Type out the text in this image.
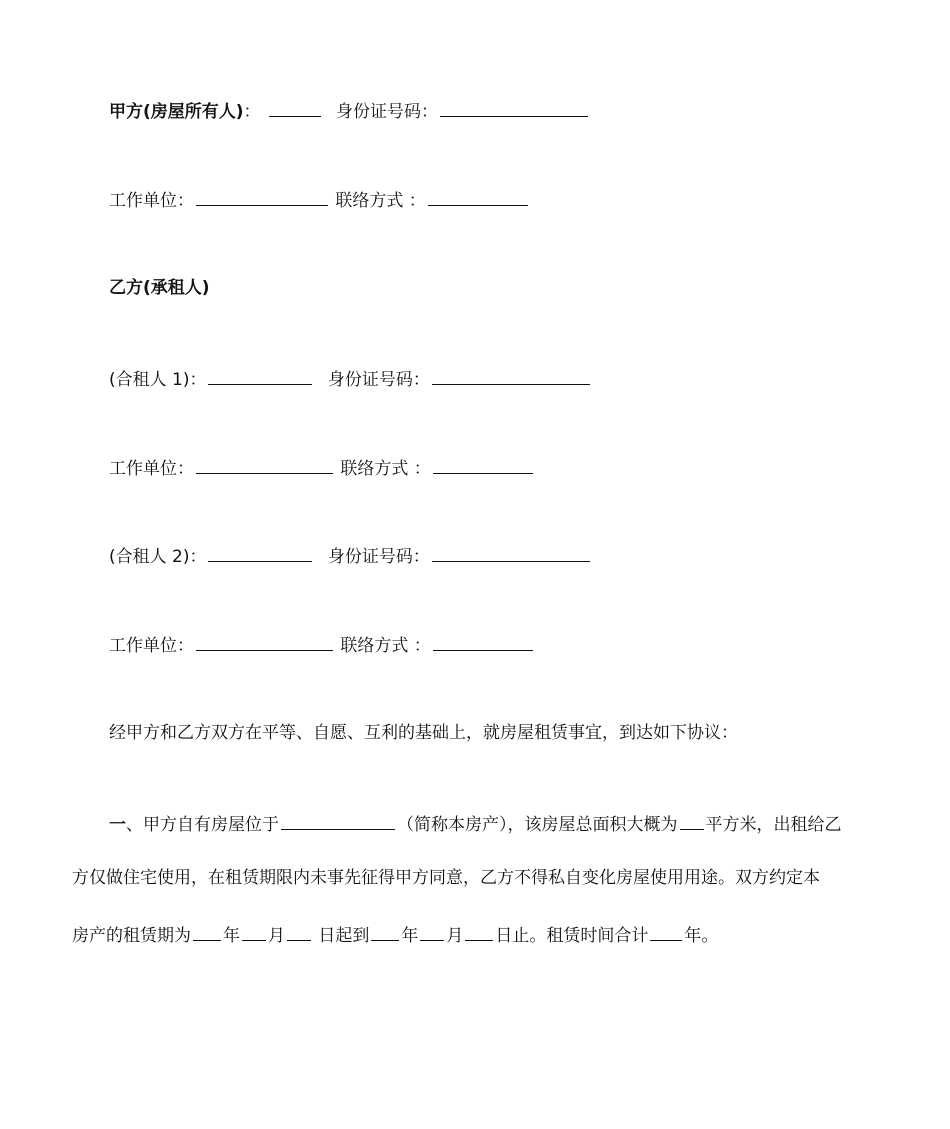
甲方(房屋所有人)：	身份证号码：
工作单位：	联络方式 ：
乙方(承租人)
(合租人 1)：	身份证号码：
工作单位：	联络方式 ：
(合租人 2)：	身份证号码：
工作单位：	联络方式 ：
经甲方和乙方双方在平等、自愿、互利的基础上，就房屋租赁事宜，到达如下协议：
一、甲方自有房屋位于	（简称本房产），该房屋总面积大概为 平方米，出租给乙
方仅做住宅使用，在租赁期限内未事先征得甲方同意，乙方不得私自变化房屋使用用途。双方约定本
房产的租赁期为 年 月 日起到 年 月 日止。租赁时间合计 年。
